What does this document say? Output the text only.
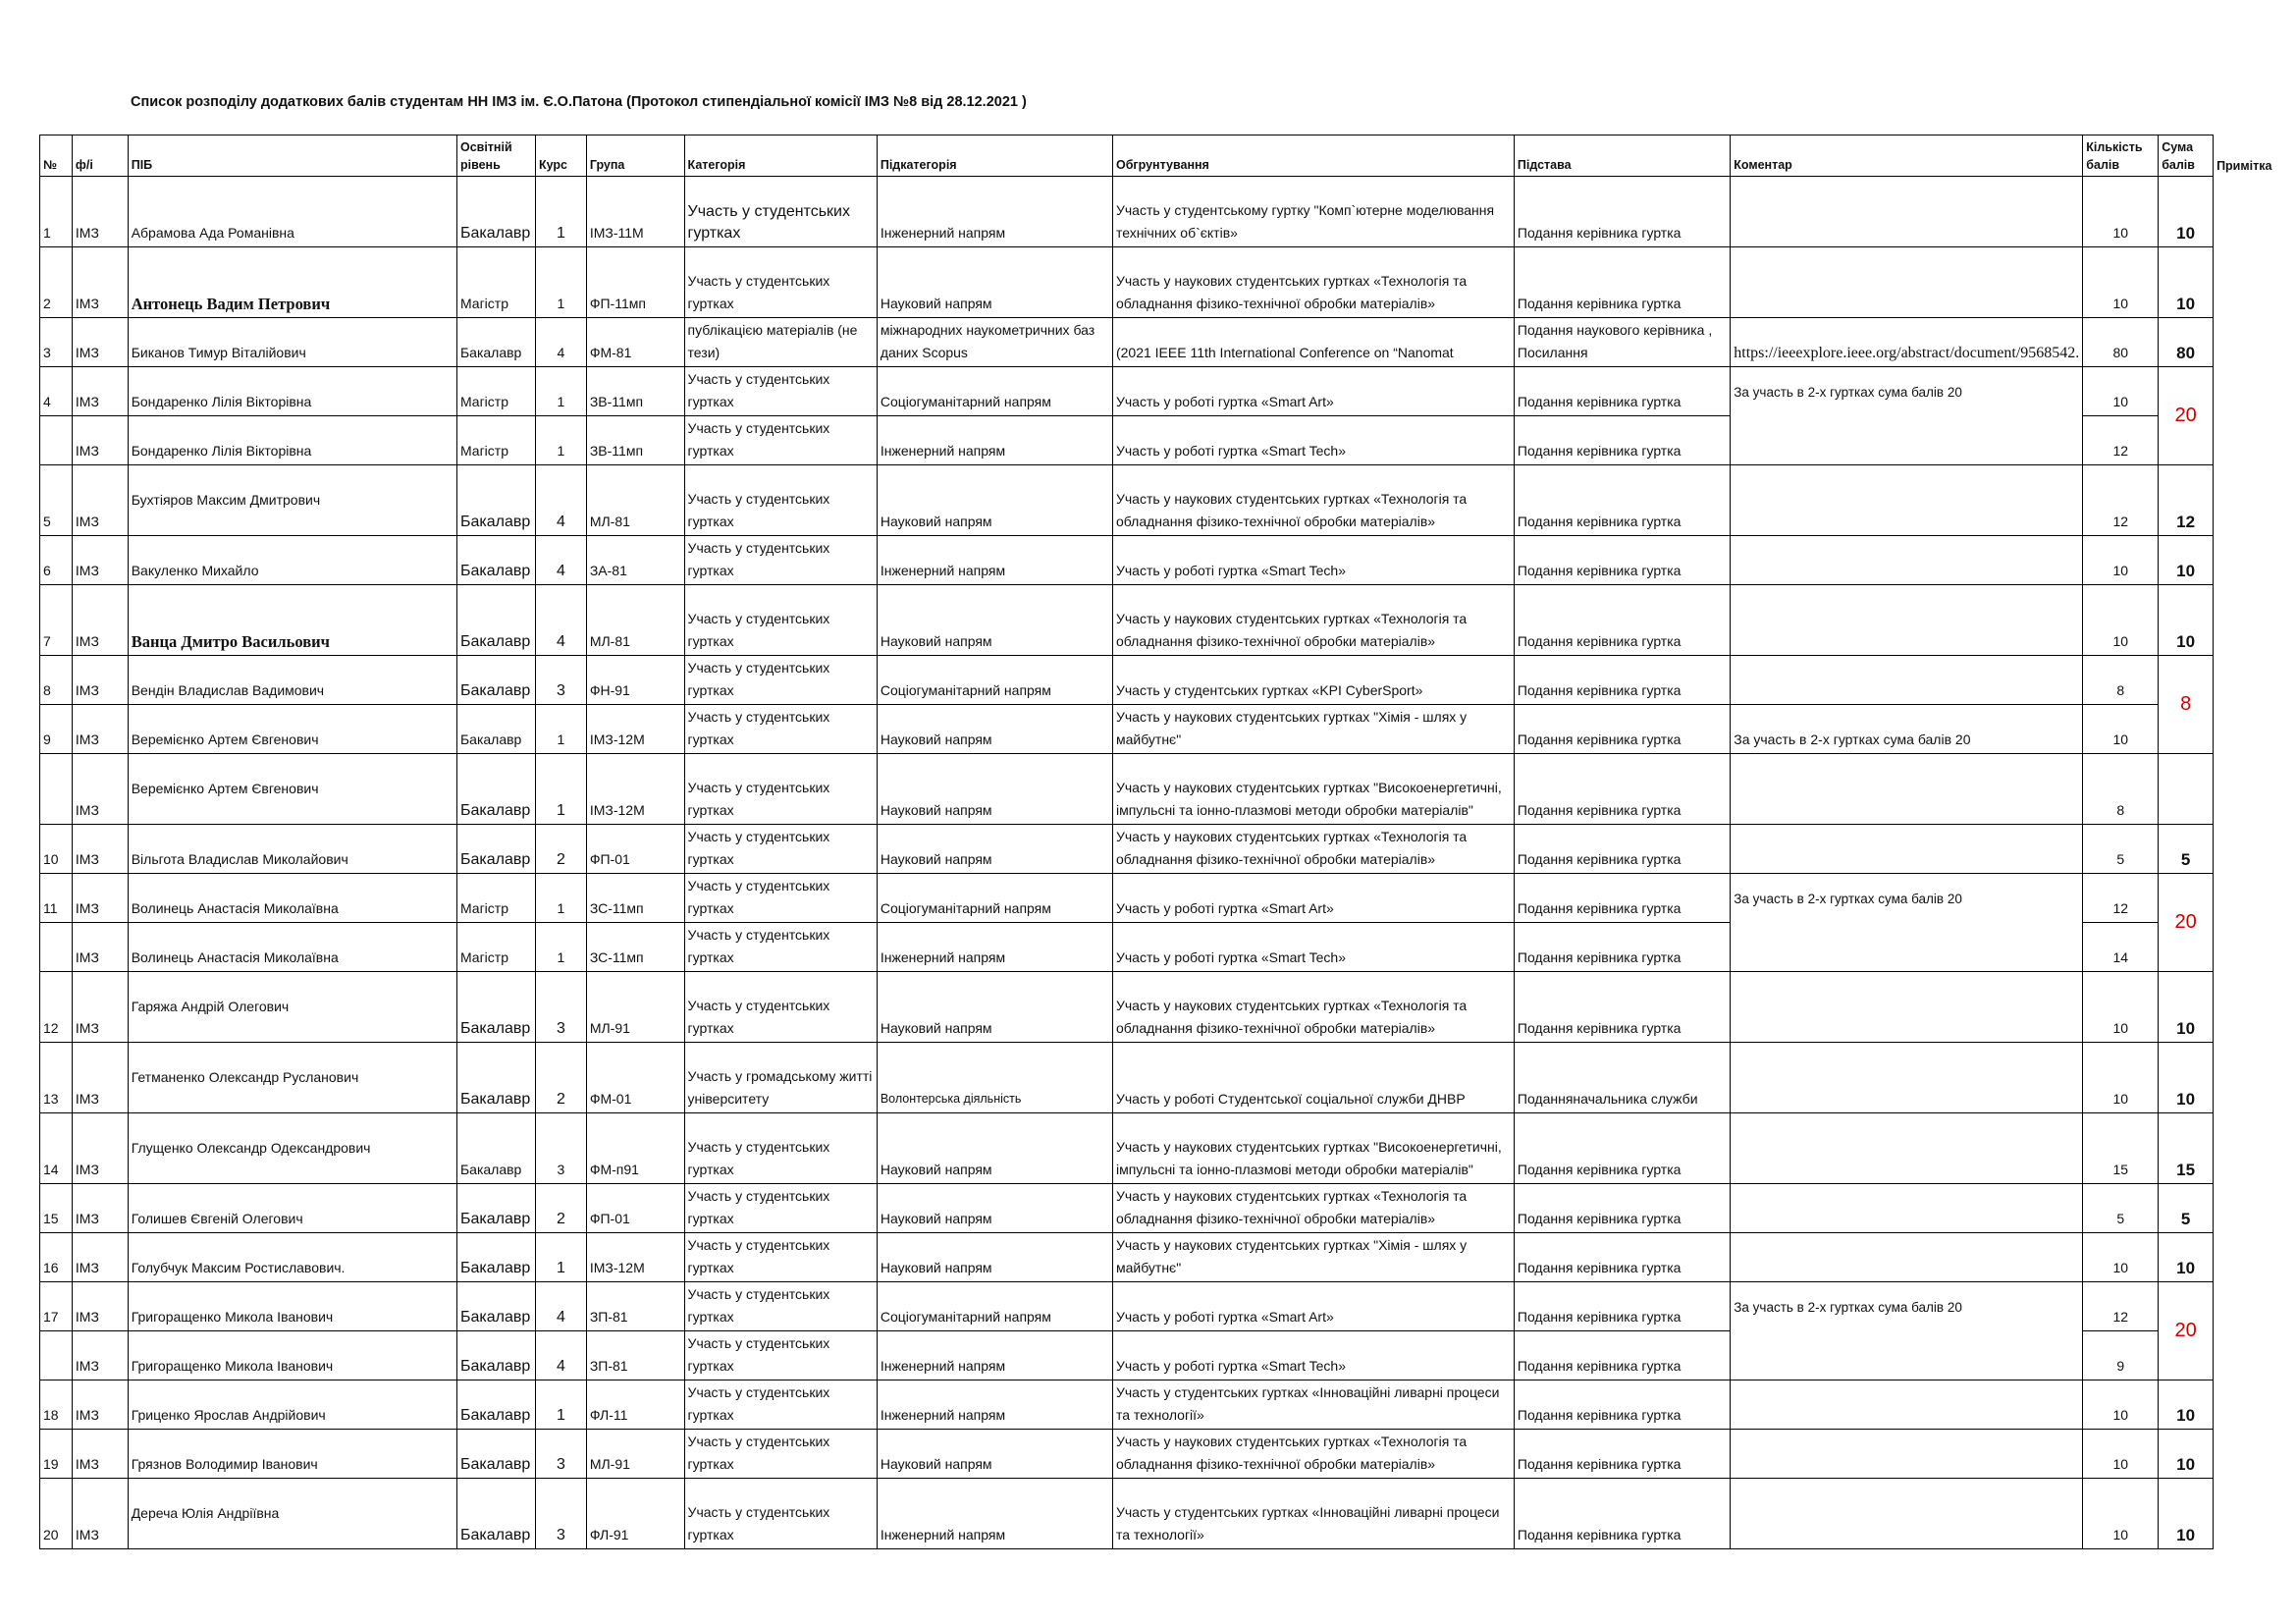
Список розподілу додаткових балів студентам НН ІМЗ ім. Є.О.Патона (Протокол стипендіальної комісії ІМЗ №8 від 28.12.2021 )
№	ф/і	ПІБ	Освітній рівень	Курс	Група	Категорія	Підкатегорія	Обгрунтування	Підстава	Коментар	Кількість балів	Сума балів	Примітка
1	ІМЗ	Абрамова Ада Романівна	Бакалавр	1	ІМЗ-11М	Участь у студентських гуртках	Інженерний напрям	Учаcть у студентському гуртку "Комп`ютерне моделювання технічних об`єктів»	Подання керівника гуртка		10	10	
2	ІМЗ	Антонець Вадим Петрович	Магістр	1	ФП-11мп	Участь у студентських гуртках	Науковий напрям	Участь у наукових студентських гуртках «Технологія та обладнання фізико-технічної обробки матеріалів»	Подання керівника гуртка		10	10	
3	ІМЗ	Биканов Тимур Віталійович	Бакалавр	4	ФМ-81	публікацією матеріалів (не тези)	міжнародних наукометричних баз даних Scopus	(2021 IEEE 11th International Conference on “Nanomat	Подання наукового керівника , Посилання	https://ieeexplore.ieee.org/abstract/document/9568542.	80	80	
4	ІМЗ	Бондаренко Лілія Вікторівна	Магістр	1	ЗВ-11мп	Участь у студентських гуртках	Соціогуманітарний напрям	Участь у роботі гуртка «Smart Art»	Подання керівника гуртка	За участь в 2-х гуртках сума балів 20	10	20	
	ІМЗ	Бондаренко Лілія Вікторівна	Магістр	1	ЗВ-11мп	Участь у студентських гуртках	Інженерний напрям	Участь у роботі гуртка «Smart Tech»	Подання керівника гуртка		12		
5	ІМЗ	Бухтіяров Максим Дмитрович	Бакалавр	4	МЛ-81	Участь у студентських гуртках	Науковий напрям	Участь у наукових студентських гуртках «Технологія та обладнання фізико-технічної обробки матеріалів»	Подання керівника гуртка		12	12	
6	ІМЗ	Вакуленко Михайло	Бакалавр	4	ЗА-81	Участь у студентських гуртках	Інженерний напрям	Участь у роботі гуртка «Smart Tech»	Подання керівника гуртка		10	10	
7	ІМЗ	Ванца Дмитро Васильович	Бакалавр	4	МЛ-81	Участь у студентських гуртках	Науковий напрям	Участь у наукових студентських гуртках «Технологія та обладнання фізико-технічної обробки матеріалів»	Подання керівника гуртка		10	10	
8	ІМЗ	Вендін Владислав Вадимович	Бакалавр	3	ФН-91	Участь у студентських гуртках	Соціогуманітарний напрям	Участь у студентських гуртках «KPI CyberSport»	Подання керівника гуртка		8	8	
9	ІМЗ	Веремієнко Артем Євгенович	Бакалавр	1	ІМЗ-12М	Участь у студентських гуртках	Науковий напрям	Участь у наукових студентських гуртках "Хімія - шлях у майбутнє"	Подання керівника гуртка	За участь в 2-х гуртках сума балів 20	10		
	ІМЗ	Веремієнко Артем Євгенович	Бакалавр	1	ІМЗ-12М	Участь у студентських гуртках	Науковий напрям	Участь у наукових студентських гуртках "Високоенергетичні, імпульсні та іонно-плазмові методи обробки матеріалів"	Подання керівника гуртка		8		
10	ІМЗ	Вільгота Владислав Миколайович	Бакалавр	2	ФП-01	Участь у студентських гуртках	Науковий напрям	Участь у наукових студентських гуртках «Технологія та обладнання фізико-технічної обробки матеріалів»	Подання керівника гуртка		5	5	
11	ІМЗ	Волинець Анастасія Миколаївна	Магістр	1	ЗС-11мп	Участь у студентських гуртках	Соціогуманітарний напрям	Участь у роботі гуртка «Smart Art»	Подання керівника гуртка	За участь в 2-х гуртках сума балів 20	12	20	
	ІМЗ	Волинець Анастасія Миколаївна	Магістр	1	ЗС-11мп	Участь у студентських гуртках	Інженерний напрям	Участь у роботі гуртка «Smart Tech»	Подання керівника гуртка		14		
12	ІМЗ	Гаряжа Андрій Олегович	Бакалавр	3	МЛ-91	Участь у студентських гуртках	Науковий напрям	Участь у наукових студентських гуртках «Технологія та обладнання фізико-технічної обробки матеріалів»	Подання керівника гуртка		10	10	
13	ІМЗ	Гетманенко Олександр Русланович	Бакалавр	2	ФМ-01	Участь у громадському житті університету	Волонтерська діяльність	Участь у роботі Студентської соціальної служби ДНВР	Поданняначальника служби		10	10	
14	ІМЗ	Глущенко Олександр Одександрович	Бакалавр	3	ФМ-п91	Участь у студентських гуртках	Науковий напрям	Участь у наукових студентських гуртках "Високоенергетичні, імпульсні та іонно-плазмові методи обробки матеріалів"	Подання керівника гуртка		15	15	
15	ІМЗ	Голишев Євгеній Олегович	Бакалавр	2	ФП-01	Участь у студентських гуртках	Науковий напрям	Участь у наукових студентських гуртках «Технологія та обладнання фізико-технічної обробки матеріалів»	Подання керівника гуртка		5	5	
16	ІМЗ	Голубчук Максим Ростиславович.	Бакалавр	1	ІМЗ-12М	Участь у студентських гуртках	Науковий напрям	Участь у наукових студентських гуртках "Хімія - шлях у майбутнє"	Подання керівника гуртка		10	10	
17	ІМЗ	Григоращенко Микола Іванович	Бакалавр	4	ЗП-81	Участь у студентських гуртках	Соціогуманітарний напрям	Участь у роботі гуртка «Smart Art»	Подання керівника гуртка	За участь в 2-х гуртках сума балів 20	12	20	
	ІМЗ	Григоращенко Микола Іванович	Бакалавр	4	ЗП-81	Участь у студентських гуртках	Інженерний напрям	Участь у роботі гуртка «Smart Tech»	Подання керівника гуртка		9		
18	ІМЗ	Гриценко Ярослав Андрійович	Бакалавр	1	ФЛ-11	Участь у студентських гуртках	Інженерний напрям	Участь у студентських гуртках «Інноваційні ливарні процеси та технології»	Подання керівника гуртка		10	10	
19	ІМЗ	Грязнов Володимир Іванович	Бакалавр	3	МЛ-91	Участь у студентських гуртках	Науковий напрям	Участь у наукових студентських гуртках «Технологія та обладнання фізико-технічної обробки матеріалів»	Подання керівника гуртка		10	10	
20	ІМЗ	Дереча Юлія Андріївна	Бакалавр	3	ФЛ-91	Участь у студентських гуртках	Інженерний напрям	Участь у студентських гуртках «Інноваційні ливарні процеси та технології»	Подання керівника гуртка		10	10	
